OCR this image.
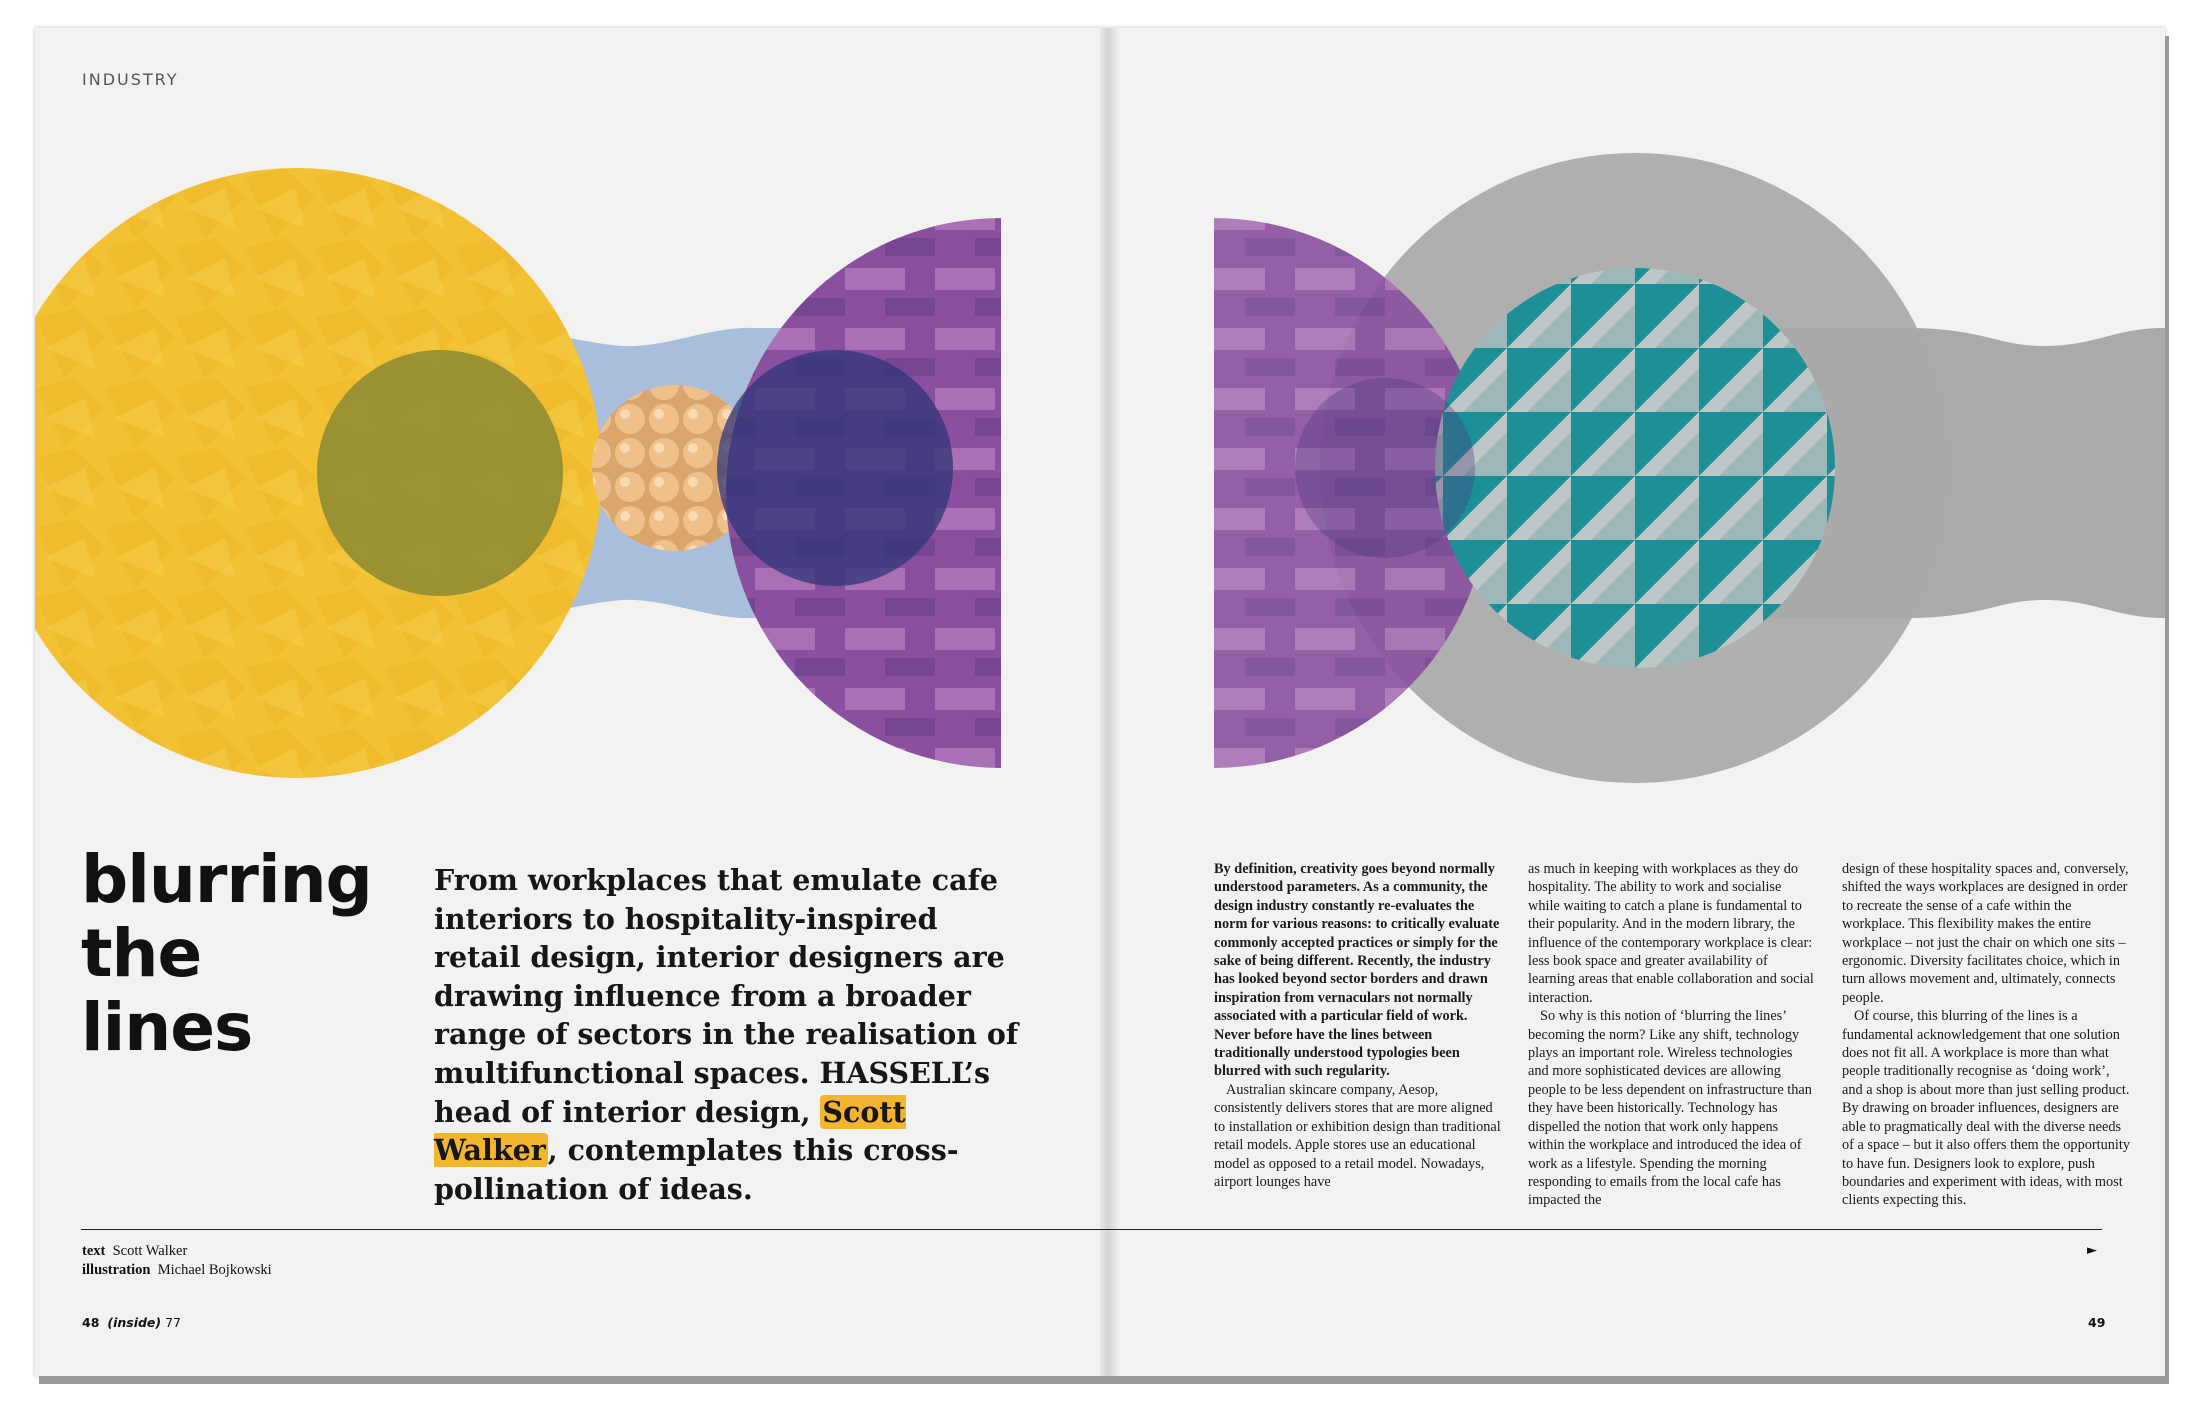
INDUSTRY
blurring
the
lines
From workplaces that emulate cafe interiors to hospitality-inspired retail design, interior designers are drawing influence from a broader range of sectors in the realisation of multifunctional spaces. HASSELL’s head of interior design, Scott Walker, contemplates this cross-pollination of ideas.

By definition, creativity goes beyond normally understood parameters. As a community, the design industry constantly re-evaluates the norm for various reasons: to critically evaluate commonly accepted practices or simply for the sake of being different. Recently, the industry has looked beyond sector borders and drawn inspiration from vernaculars not normally associated with a particular field of work. Never before have the lines between traditionally understood typologies been blurred with such regularity.

Australian skincare company, Aesop, consistently delivers stores that are more aligned to installation or exhibition design than traditional retail models. Apple stores use an educational model as opposed to a retail model. Nowadays, airport lounges have

as much in keeping with workplaces as they do hospitality. The ability to work and socialise while waiting to catch a plane is fundamental to their popularity. And in the modern library, the influence of the contemporary workplace is clear: less book space and greater availability of learning areas that enable collaboration and social interaction.

So why is this notion of ‘blurring the lines’ becoming the norm? Like any shift, technology plays an important role. Wireless technologies and more sophisticated devices are allowing people to be less dependent on infrastructure than they have been historically. Technology has dispelled the notion that work only happens within the workplace and introduced the idea of work as a lifestyle. Spending the morning responding to emails from the local cafe has impacted the

design of these hospitality spaces and, conversely, shifted the ways workplaces are designed in order to recreate the sense of a cafe within the workplace. This flexibility makes the entire workplace – not just the chair on which one sits – ergonomic. Diversity facilitates choice, which in turn allows movement and, ultimately, connects people.

Of course, this blurring of the lines is a fundamental acknowledgement that one solution does not fit all. A workplace is more than what people traditionally recognise as ‘doing work’, and a shop is about more than just selling product. By drawing on broader influences, designers are able to pragmatically deal with the diverse needs of a space – but it also offers them the opportunity to have fun. Designers look to explore, push boundaries and experiment with ideas, with most clients expecting this.

text Scott Walker
illustration Michael Bojkowski
►
48 (inside) 77	49
